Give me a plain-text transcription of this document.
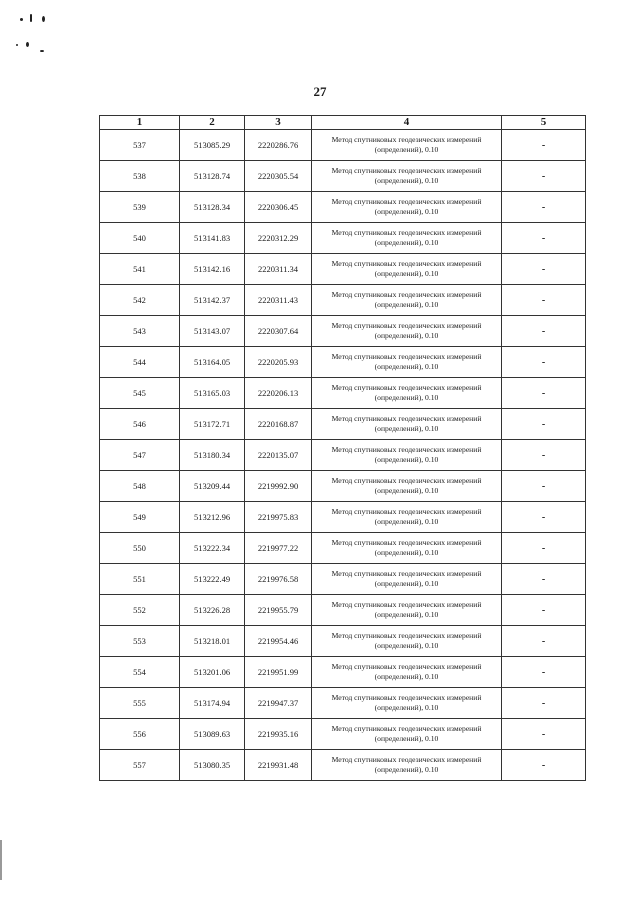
27
1	2	3	4	5
537	513085.29	2220286.76	Метод спутниковых геодезических измерений (определений), 0.10	-
538	513128.74	2220305.54	Метод спутниковых геодезических измерений (определений), 0.10	-
539	513128.34	2220306.45	Метод спутниковых геодезических измерений (определений), 0.10	-
540	513141.83	2220312.29	Метод спутниковых геодезических измерений (определений), 0.10	-
541	513142.16	2220311.34	Метод спутниковых геодезических измерений (определений), 0.10	-
542	513142.37	2220311.43	Метод спутниковых геодезических измерений (определений), 0.10	-
543	513143.07	2220307.64	Метод спутниковых геодезических измерений (определений), 0.10	-
544	513164.05	2220205.93	Метод спутниковых геодезических измерений (определений), 0.10	-
545	513165.03	2220206.13	Метод спутниковых геодезических измерений (определений), 0.10	-
546	513172.71	2220168.87	Метод спутниковых геодезических измерений (определений), 0.10	-
547	513180.34	2220135.07	Метод спутниковых геодезических измерений (определений), 0.10	-
548	513209.44	2219992.90	Метод спутниковых геодезических измерений (определений), 0.10	-
549	513212.96	2219975.83	Метод спутниковых геодезических измерений (определений), 0.10	-
550	513222.34	2219977.22	Метод спутниковых геодезических измерений (определений), 0.10	-
551	513222.49	2219976.58	Метод спутниковых геодезических измерений (определений), 0.10	-
552	513226.28	2219955.79	Метод спутниковых геодезических измерений (определений), 0.10	-
553	513218.01	2219954.46	Метод спутниковых геодезических измерений (определений), 0.10	-
554	513201.06	2219951.99	Метод спутниковых геодезических измерений (определений), 0.10	-
555	513174.94	2219947.37	Метод спутниковых геодезических измерений (определений), 0.10	-
556	513089.63	2219935.16	Метод спутниковых геодезических измерений (определений), 0.10	-
557	513080.35	2219931.48	Метод спутниковых геодезических измерений (определений), 0.10	-
